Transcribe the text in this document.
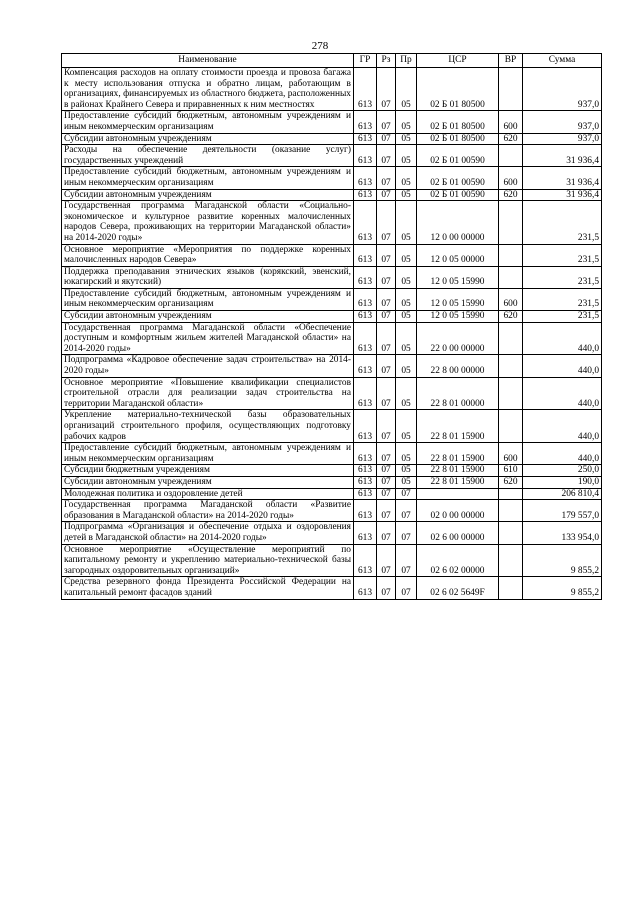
278
Наименование	ГР	Рз	Пр	ЦСР	ВР	Сумма
Компенсация расходов на оплату стоимости проезда и провоза багажа к месту использования отпуска и обратно лицам, работающим в организациях, финансируемых из областного бюджета, расположенных в районах Крайнего Севера и приравненных к ним местностях	613	07	05	02 Б 01 80500		937,0
Предоставление субсидий бюджетным, автономным учреждениям и иным некоммерческим организациям	613	07	05	02 Б 01 80500	600	937,0
Субсидии автономным учреждениям	613	07	05	02 Б 01 80500	620	937,0
Расходы на обеспечение деятельности (оказание услуг) государственных учреждений	613	07	05	02 Б 01 00590		31 936,4
Предоставление субсидий бюджетным, автономным учреждениям и иным некоммерческим организациям	613	07	05	02 Б 01 00590	600	31 936,4
Субсидии автономным учреждениям	613	07	05	02 Б 01 00590	620	31 936,4
Государственная программа Магаданской области «Социально-экономическое и культурное развитие коренных малочисленных народов Севера, проживающих на территории Магаданской области» на 2014-2020 годы»	613	07	05	12 0 00 00000		231,5
Основное мероприятие «Мероприятия по поддержке коренных малочисленных народов Севера»	613	07	05	12 0 05 00000		231,5
Поддержка преподавания этнических языков (корякский, эвенский, юкагирский и якутский)	613	07	05	12 0 05 15990		231,5
Предоставление субсидий бюджетным, автономным учреждениям и иным некоммерческим организациям	613	07	05	12 0 05 15990	600	231,5
Субсидии автономным учреждениям	613	07	05	12 0 05 15990	620	231,5
Государственная программа Магаданской области «Обеспечение доступным и комфортным жильем жителей Магаданской области» на 2014-2020 годы»	613	07	05	22 0 00 00000		440,0
Подпрограмма «Кадровое обеспечение задач строительства» на 2014-2020 годы»	613	07	05	22 8 00 00000		440,0
Основное мероприятие «Повышение квалификации специалистов строительной отрасли для реализации задач строительства на территории Магаданской области»	613	07	05	22 8 01 00000		440,0
Укрепление материально-технической базы образовательных организаций строительного профиля, осуществляющих подготовку рабочих кадров	613	07	05	22 8 01 15900		440,0
Предоставление субсидий бюджетным, автономным учреждениям и иным некоммерческим организациям	613	07	05	22 8 01 15900	600	440,0
Субсидии бюджетным учреждениям	613	07	05	22 8 01 15900	610	250,0
Субсидии автономным учреждениям	613	07	05	22 8 01 15900	620	190,0
Молодежная политика и оздоровление детей	613	07	07			206 810,4
Государственная программа Магаданской области «Развитие образования в Магаданской области» на 2014-2020 годы»	613	07	07	02 0 00 00000		179 557,0
Подпрограмма «Организация и обеспечение отдыха и оздоровления детей в Магаданской области» на 2014-2020 годы»	613	07	07	02 6 00 00000		133 954,0
Основное мероприятие «Осуществление мероприятий по капитальному ремонту и укреплению материально-технической базы загородных оздоровительных организаций»	613	07	07	02 6 02 00000		9 855,2
Средства резервного фонда Президента Российской Федерации на капитальный ремонт фасадов зданий	613	07	07	02 6 02 5649F		9 855,2
